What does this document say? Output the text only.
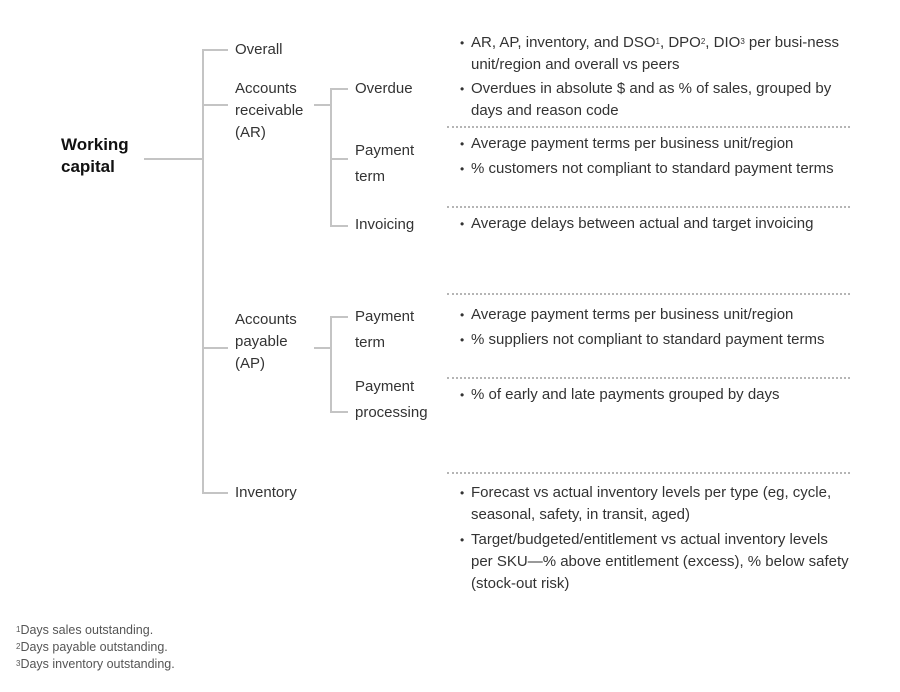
Working
capital
Overall
Accounts
receivable
(AR)
Accounts
payable
(AP)
Inventory
Overdue
Payment
term
Invoicing
Payment
term
Payment
processing
• AR, AP, inventory, and DSO$^1$, DPO$^2$, DIO$^3$ per busi-ness unit/region and overall vs peers
• Overdues in absolute $ and as % of sales, grouped by days and reason code
• Average payment terms per business unit/region
• % customers not compliant to standard payment terms
• Average delays between actual and target invoicing
• Average payment terms per business unit/region
• % suppliers not compliant to standard payment terms
• % of early and late payments grouped by days
• Forecast vs actual inventory levels per type (eg, cycle, seasonal, safety, in transit, aged)
• Target/budgeted/entitlement vs actual inventory levels per SKU—% above entitlement (excess), % below safety (stock-out risk)
$^1$Days sales outstanding.
$^2$Days payable outstanding.
$^3$Days inventory outstanding.
